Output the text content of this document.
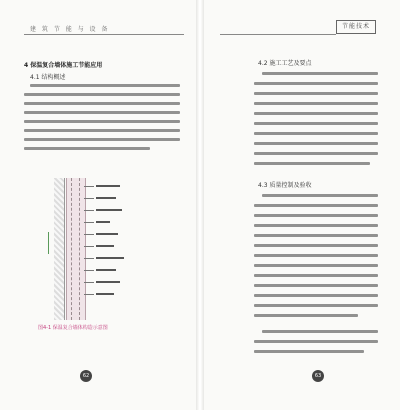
建 筑 节 能 与 设 备
4 保温复合墙体施工节能应用
4.1 结构概述
图4-1 保温复合墙体构造示意图
62
节能技术
4.2 施工工艺及要点
4.3 质量控制及验收
63
